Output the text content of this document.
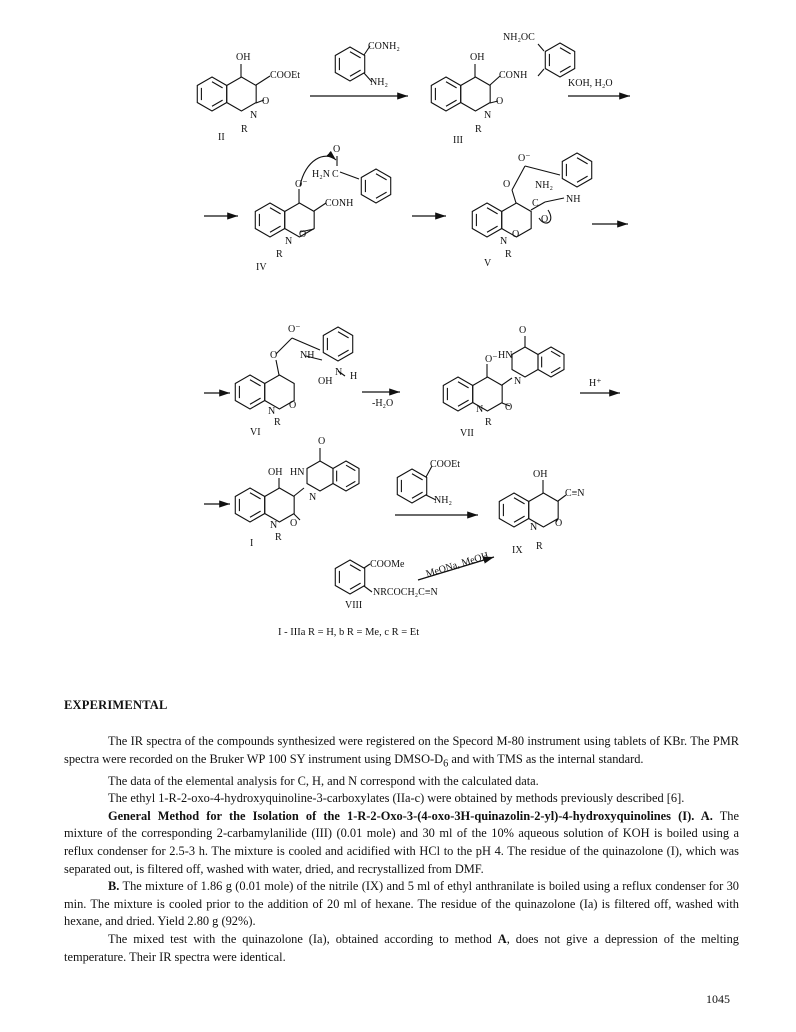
OH
COOEt
N
O
R
II
CONH₂
NH₂
OH
NH₂OC
CONH
N
O
R
III
KOH, H₂O
O⁻
H₂N C
O
CONH
N
O
R
IV
O⁻
O NH₂
C
O
NH
N
O
R
V
O⁻
O NH
OH
N H
N
O
R
VI
-H₂O
O
O⁻ HN
N
N O
R
VII
H⁺
O
OH HN
N
N O
R
I
COOEt
NH₂
OH
C≡N
N O
R
IX
COOMe
NRCOCH₂C≡N
VIII
MeONa, MeOH
I - IIIa R = H, b R = Me, c R = Et
EXPERIMENTAL

The IR spectra of the compounds synthesized were registered on the Specord M-80 instrument using tablets of KBr. The PMR spectra were recorded on the Bruker WP 100 SY instrument using DMSO-$D_6$ and with TMS as the internal standard.

The data of the elemental analysis for C, H, and N correspond with the calculated data.

The ethyl 1-R-2-oxo-4-hydroxyquinoline-3-carboxylates (IIa-c) were obtained by methods previously described [6].

General Method for the Isolation of the 1-R-2-Oxo-3-(4-oxo-3H-quinazolin-2-yl)-4-hydroxyquinolines (I). A. The mixture of the corresponding 2-carbamylanilide (III) (0.01 mole) and 30 ml of the 10% aqueous solution of KOH is boiled using a reflux condenser for 2.5-3 h. The mixture is cooled and acidified with HCl to the pH 4. The residue of the quinazolone (I), which was separated out, is filtered off, washed with water, dried, and recrystallized from DMF.

B. The mixture of 1.86 g (0.01 mole) of the nitrile (IX) and 5 ml of ethyl anthranilate is boiled using a reflux condenser for 30 min. The mixture is cooled prior to the addition of 20 ml of hexane. The residue of the quinazolone (Ia) is filtered off, washed with hexane, and dried. Yield 2.80 g (92%).

The mixed test with the quinazolone (Ia), obtained according to method A, does not give a depression of the melting temperature. Their IR spectra were identical.

1045
